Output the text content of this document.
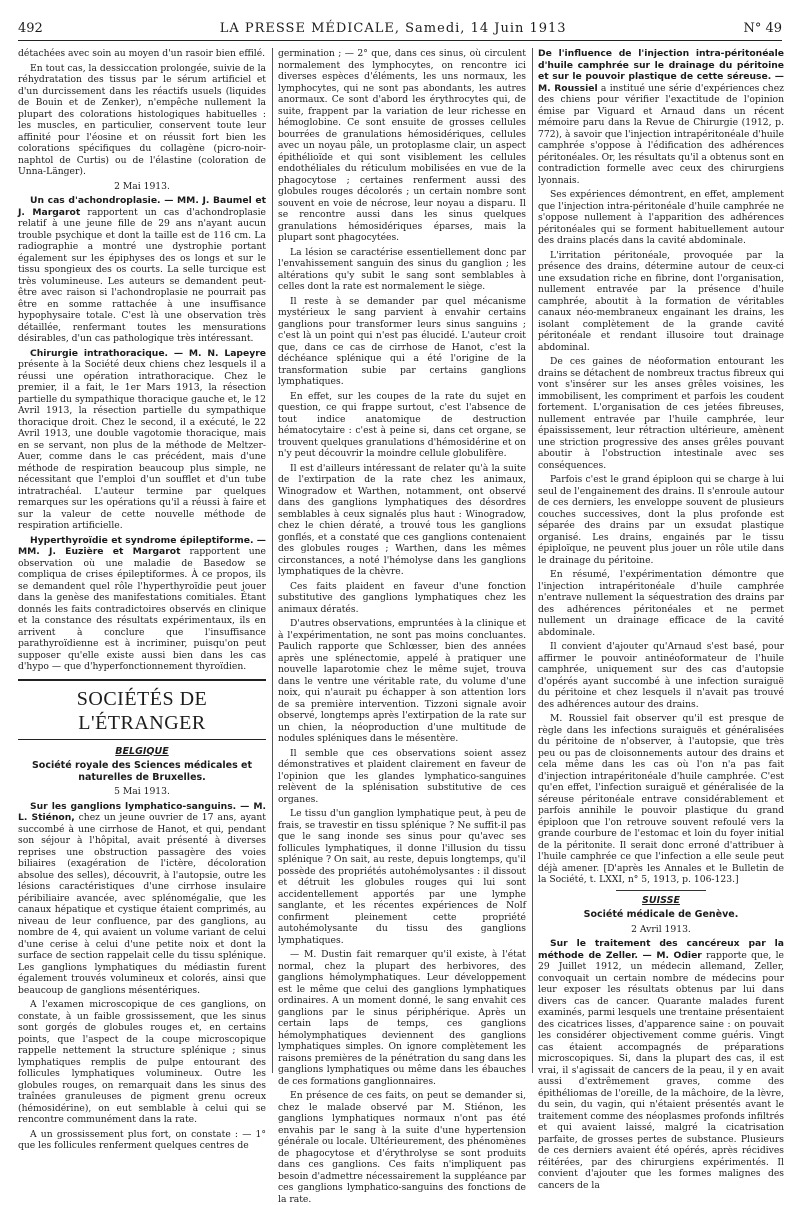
492	LA PRESSE MÉDICALE, Samedi, 14 Juin 1913	N° 49

détachées avec soin au moyen d'un rasoir bien effilé.

En tout cas, la dessiccation prolongée, suivie de la réhydratation des tissus par le sérum artificiel et d'un durcissement dans les réactifs usuels (liquides de Bouin et de Zenker), n'empêche nullement la plupart des colorations histologiques habituelles : les muscles, en particulier, conservent toute leur affinité pour l'éosine et on réussit fort bien les colorations spécifiques du collagène (picro-noir-naphtol de Curtis) ou de l'élastine (coloration de Unna-Länger).

2 Mai 1913.

Un cas d'achondroplasie. — MM. J. Baumel et J. Margarot rapportent un cas d'achondroplasie relatif à une jeune fille de 29 ans n'ayant aucun trouble psychique et dont la taille est de 116 cm. La radiographie a montré une dystrophie portant également sur les épiphyses des os longs et sur le tissu spongieux des os courts. La selle turcique est très volumineuse. Les auteurs se demandent peut-être avec raison si l'achondroplasie ne pourrait pas être en somme rattachée à une insuffisance hypophysaire totale. C'est là une observation très détaillée, renfermant toutes les mensurations désirables, d'un cas pathologique très intéressant.

Chirurgie intrathoracique. — M. N. Lapeyre présente à la Société deux chiens chez lesquels il a réussi une opération intrathoracique. Chez le premier, il a fait, le 1er Mars 1913, la résection partielle du sympathique thoracique gauche et, le 12 Avril 1913, la résection partielle du sympathique thoracique droit. Chez le second, il a exécuté, le 22 Avril 1913, une double vagotomie thoracique, mais en se servant, non plus de la méthode de Meltzer-Auer, comme dans le cas précédent, mais d'une méthode de respiration beaucoup plus simple, ne nécessitant que l'emploi d'un soufflet et d'un tube intratrachéal. L'auteur termine par quelques remarques sur les opérations qu'il a réussi à faire et sur la valeur de cette nouvelle méthode de respiration artificielle.

Hyperthyroïdie et syndrome épileptiforme. — MM. J. Euzière et Margarot rapportent une observation où une maladie de Basedow se compliqua de crises épileptiformes. À ce propos, ils se demandent quel rôle l'hyperthyroïdie peut jouer dans la genèse des manifestations comitiales. Étant donnés les faits contradictoires observés en clinique et la constance des résultats expérimentaux, ils en arrivent à conclure que l'insuffisance parathyroïdienne est à incriminer, puisqu'on peut supposer qu'elle existe aussi bien dans les cas d'hypo — que d'hyperfonctionnement thyroïdien.

SOCIÉTÉS DE L'ÉTRANGER

BELGIQUE

Société royale des Sciences médicales et naturelles de Bruxelles.

5 Mai 1913.

Sur les ganglions lymphatico-sanguins. — M. L. Stiénon, chez un jeune ouvrier de 17 ans, ayant succombé à une cirrhose de Hanot, et qui, pendant son séjour à l'hôpital, avait présenté à diverses reprises une obstruction passagère des voies biliaires (exagération de l'ictère, décoloration absolue des selles), découvrit, à l'autopsie, outre les lésions caractéristiques d'une cirrhose insulaire péribiliaire avancée, avec splénomégalie, que les canaux hépatique et cystique étaient comprimés, au niveau de leur confluence, par des ganglions, au nombre de 4, qui avaient un volume variant de celui d'une cerise à celui d'une petite noix et dont la surface de section rappelait celle du tissu splénique. Les ganglions lymphatiques du médiastin furent également trouvés volumineux et colorés, ainsi que beaucoup de ganglions mésentériques.

A l'examen microscopique de ces ganglions, on constate, à un faible grossissement, que les sinus sont gorgés de globules rouges et, en certains points, que l'aspect de la coupe microscopique rappelle nettement la structure splénique ; sinus lymphatiques remplis de pulpe entourant des follicules lymphatiques volumineux. Outre les globules rouges, on remarquait dans les sinus des traînées granuleuses de pigment grenu ocreux (hémosidérine), on eut semblable à celui qui se rencontre communément dans la rate.

A un grossissement plus fort, on constate : — 1° que les follicules renferment quelques centres de

germination ; — 2° que, dans ces sinus, où circulent normalement des lymphocytes, on rencontre ici diverses espèces d'éléments, les uns normaux, les lymphocytes, qui ne sont pas abondants, les autres anormaux. Ce sont d'abord les érythrocytes qui, de suite, frappent par la variation de leur richesse en hémoglobine. Ce sont ensuite de grosses cellules bourrées de granulations hémosidériques, cellules avec un noyau pâle, un protoplasme clair, un aspect épithélioïde et qui sont visiblement les cellules endothéliales du réticulum mobilisées en vue de la phagocytose ; certaines renferment aussi des globules rouges décolorés ; un certain nombre sont souvent en voie de nécrose, leur noyau a disparu. Il se rencontre aussi dans les sinus quelques granulations hémosidériques éparses, mais la plupart sont phagocytées.

La lésion se caractérise essentiellement donc par l'envahissement sanguin des sinus du ganglion ; les altérations qu'y subit le sang sont semblables à celles dont la rate est normalement le siège.

Il reste à se demander par quel mécanisme mystérieux le sang parvient à envahir certains ganglions pour transformer leurs sinus sanguins ; c'est là un point qui n'est pas élucidé. L'auteur croit que, dans ce cas de cirrhose de Hanot, c'est la déchéance splénique qui a été l'origine de la transformation subie par certains ganglions lymphatiques.

En effet, sur les coupes de la rate du sujet en question, ce qui frappe surtout, c'est l'absence de tout indice anatomique de destruction hématocytaire : c'est à peine si, dans cet organe, se trouvent quelques granulations d'hémosidérine et on n'y peut découvrir la moindre cellule globulifère.

Il est d'ailleurs intéressant de relater qu'à la suite de l'extirpation de la rate chez les animaux, Winogradow et Warthen, notamment, ont observé dans des ganglions lymphatiques des désordres semblables à ceux signalés plus haut : Winogradow, chez le chien dératé, a trouvé tous les ganglions gonflés, et a constaté que ces ganglions contenaient des globules rouges ; Warthen, dans les mêmes circonstances, a noté l'hémolyse dans les ganglions lymphatiques de la chèvre.

Ces faits plaident en faveur d'une fonction substitutive des ganglions lymphatiques chez les animaux dératés.

D'autres observations, empruntées à la clinique et à l'expérimentation, ne sont pas moins concluantes. Paulich rapporte que Schlœsser, bien des années après une splénectomie, appelé à pratiquer une nouvelle laparotomie chez le même sujet, trouva dans le ventre une véritable rate, du volume d'une noix, qui n'aurait pu échapper à son attention lors de sa première intervention. Tizzoni signale avoir observé, longtemps après l'extirpation de la rate sur un chien, la néoproduction d'une multitude de nodules spléniques dans le mésentère.

Il semble que ces observations soient assez démonstratives et plaident clairement en faveur de l'opinion que les glandes lymphatico-sanguines relèvent de la splénisation substitutive de ces organes.

Le tissu d'un ganglion lymphatique peut, à peu de frais, se travestir en tissu splénique ? Ne suffit-il pas que le sang inonde ses sinus pour qu'avec ses follicules lymphatiques, il donne l'illusion du tissu splénique ? On sait, au reste, depuis longtemps, qu'il possède des propriétés autohémolysantes : il dissout et détruit les globules rouges qui lui sont accidentellement apportés par une lymphe sanglante, et les récentes expériences de Nolf confirment pleinement cette propriété autohémolysante du tissu des ganglions lymphatiques.

— M. Dustin fait remarquer qu'il existe, à l'état normal, chez la plupart des herbivores, des ganglions hémolymphatiques. Leur développement est le même que celui des ganglions lymphatiques ordinaires. A un moment donné, le sang envahit ces ganglions par le sinus périphérique. Après un certain laps de temps, ces ganglions hémolymphatiques deviennent des ganglions lymphatiques simples. On ignore complètement les raisons premières de la pénétration du sang dans les ganglions lymphatiques ou même dans les ébauches de ces formations ganglionnaires.

En présence de ces faits, on peut se demander si, chez le malade observé par M. Stiénon, les ganglions lymphatiques normaux n'ont pas été envahis par le sang à la suite d'une hypertension générale ou locale. Ultérieurement, des phénomènes de phagocytose et d'érythrolyse se sont produits dans ces ganglions. Ces faits n'impliquent pas besoin d'admettre nécessairement la suppléance par ces ganglions lymphatico-sanguins des fonctions de la rate.

De l'influence de l'injection intra-péritonéale d'huile camphrée sur le drainage du péritoine et sur le pouvoir plastique de cette séreuse. — M. Roussiel a institué une série d'expériences chez des chiens pour vérifier l'exactitude de l'opinion émise par Viguard et Arnaud dans un récent mémoire paru dans la Revue de Chirurgie (1912, p. 772), à savoir que l'injection intrapéritonéale d'huile camphrée s'oppose à l'édification des adhérences péritonéales. Or, les résultats qu'il a obtenus sont en contradiction formelle avec ceux des chirurgiens lyonnais.

Ses expériences démontrent, en effet, amplement que l'injection intra-péritonéale d'huile camphrée ne s'oppose nullement à l'apparition des adhérences péritonéales qui se forment habituellement autour des drains placés dans la cavité abdominale.

L'irritation péritonéale, provoquée par la présence des drains, détermine autour de ceux-ci une exsudation riche en fibrine, dont l'organisation, nullement entravée par la présence d'huile camphrée, aboutit à la formation de véritables canaux néo-membraneux engainant les drains, les isolant complètement de la grande cavité péritonéale et rendant illusoire tout drainage abdominal.

De ces gaines de néoformation entourant les drains se détachent de nombreux tractus fibreux qui vont s'insérer sur les anses grêles voisines, les immobilisent, les compriment et parfois les coudent fortement. L'organisation de ces jetées fibreuses, nullement entravée par l'huile camphrée, leur épaississement, leur rétraction ultérieure, amènent une striction progressive des anses grêles pouvant aboutir à l'obstruction intestinale avec ses conséquences.

Parfois c'est le grand épiploon qui se charge à lui seul de l'engainement des drains. Il s'enroule autour de ces derniers, les enveloppe souvent de plusieurs couches successives, dont la plus profonde est séparée des drains par un exsudat plastique organisé. Les drains, engainés par le tissu épiploïque, ne peuvent plus jouer un rôle utile dans le drainage du péritoine.

En résumé, l'expérimentation démontre que l'injection intrapéritonéale d'huile camphrée n'entrave nullement la séquestration des drains par des adhérences péritonéales et ne permet nullement un drainage efficace de la cavité abdominale.

Il convient d'ajouter qu'Arnaud s'est basé, pour affirmer le pouvoir antinéoformateur de l'huile camphrée, uniquement sur des cas d'autopsie d'opérés ayant succombé à une infection suraiguë du péritoine et chez lesquels il n'avait pas trouvé des adhérences autour des drains.

M. Roussiel fait observer qu'il est presque de règle dans les infections suraiguës et généralisées du péritoine de n'observer, à l'autopsie, que très peu ou pas de cloisonnements autour des drains et cela même dans les cas où l'on n'a pas fait d'injection intrapéritonéale d'huile camphrée. C'est qu'en effet, l'infection suraiguë et généralisée de la séreuse péritonéale entrave considérablement et parfois annihile le pouvoir plastique du grand épiploon que l'on retrouve souvent refoulé vers la grande courbure de l'estomac et loin du foyer initial de la péritonite. Il serait donc erroné d'attribuer à l'huile camphrée ce que l'infection a elle seule peut déjà amener. [D'après les Annales et le Bulletin de la Société, t. LXXI, n° 5, 1913, p. 106-123.]

SUISSE

Société médicale de Genève.

2 Avril 1913.

Sur le traitement des cancéreux par la méthode de Zeller. — M. Odier rapporte que, le 29 Juillet 1912, un médecin allemand, Zeller, convoquait un certain nombre de médecins pour leur exposer les résultats obtenus par lui dans divers cas de cancer. Quarante malades furent examinés, parmi lesquels une trentaine présentaient des cicatrices lisses, d'apparence saine : on pouvait les considérer objectivement comme guéris. Vingt cas étaient accompagnés de préparations microscopiques. Si, dans la plupart des cas, il est vrai, il s'agissait de cancers de la peau, il y en avait aussi d'extrêmement graves, comme des épithéliomas de l'oreille, de la mâchoire, de la lèvre, du sein, du vagin, qui n'étaient présentés avant le traitement comme des néoplasmes profonds infiltrés et qui avaient laissé, malgré la cicatrisation parfaite, de grosses pertes de substance. Plusieurs de ces derniers avaient été opérés, après récidives réitérées, par des chirurgiens expérimentés. Il convient d'ajouter que les formes malignes des cancers de la
